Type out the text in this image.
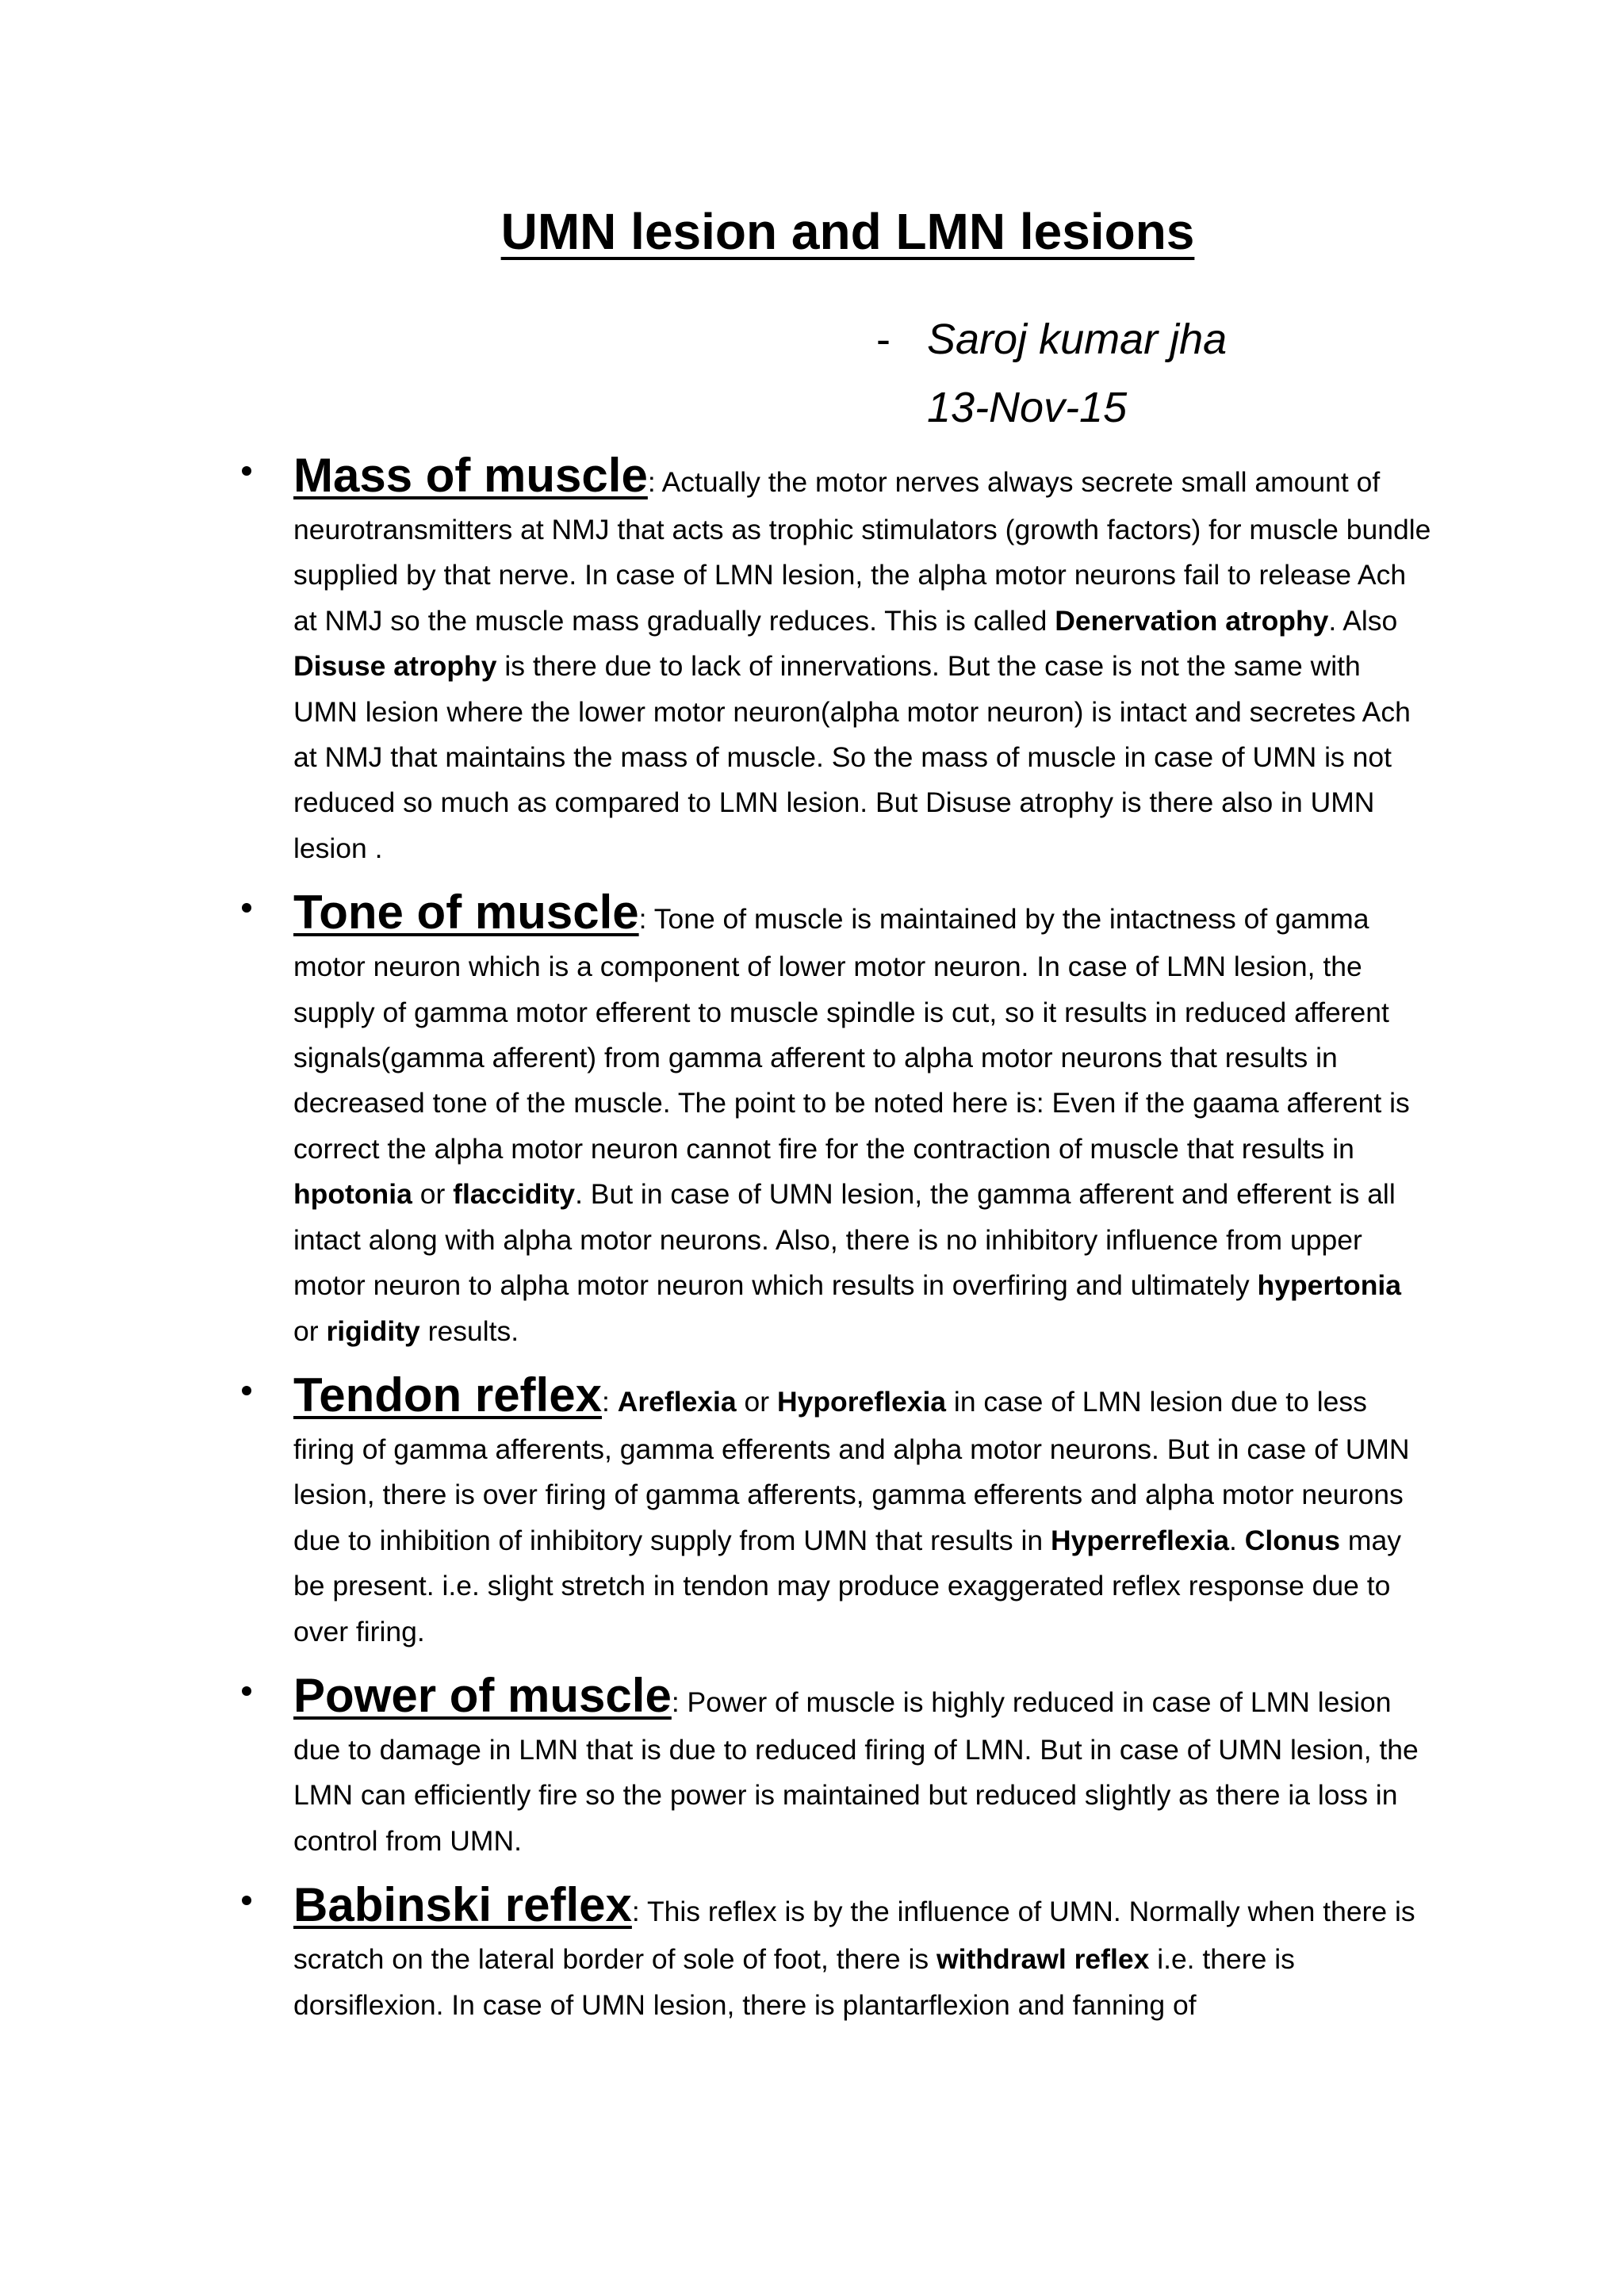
UMN lesion and LMN lesions
- Saroj kumar jha
13-Nov-15
Mass of muscle: Actually the motor nerves always secrete small amount of neurotransmitters at NMJ that acts as trophic stimulators (growth factors) for muscle bundle supplied by that nerve. In case of LMN lesion, the alpha motor neurons fail to release Ach at NMJ so the muscle mass gradually reduces. This is called Denervation atrophy. Also Disuse atrophy is there due to lack of innervations. But the case is not the same with UMN lesion where the lower motor neuron(alpha motor neuron) is intact and secretes Ach at NMJ that maintains the mass of muscle. So the mass of muscle in case of UMN is not reduced so much as compared to LMN lesion. But Disuse atrophy is there also in UMN lesion .
Tone of muscle: Tone of muscle is maintained by the intactness of gamma motor neuron which is a component of lower motor neuron. In case of LMN lesion, the supply of gamma motor efferent to muscle spindle is cut, so it results in reduced afferent signals(gamma afferent) from gamma afferent to alpha motor neurons that results in decreased tone of the muscle. The point to be noted here is: Even if the gaama afferent is correct the alpha motor neuron cannot fire for the contraction of muscle that results in hpotonia or flaccidity. But in case of UMN lesion, the gamma afferent and efferent is all intact along with alpha motor neurons. Also, there is no inhibitory influence from upper motor neuron to alpha motor neuron which results in overfiring and ultimately hypertonia or rigidity results.
Tendon reflex: Areflexia or Hyporeflexia in case of LMN lesion due to less firing of gamma afferents, gamma efferents and alpha motor neurons. But in case of UMN lesion, there is over firing of gamma afferents, gamma efferents and alpha motor neurons due to inhibition of inhibitory supply from UMN that results in Hyperreflexia. Clonus may be present. i.e. slight stretch in tendon may produce exaggerated reflex response due to over firing.
Power of muscle: Power of muscle is highly reduced in case of LMN lesion due to damage in LMN that is due to reduced firing of LMN. But in case of UMN lesion, the LMN can efficiently fire so the power is maintained but reduced slightly as there ia loss in control from UMN.
Babinski reflex: This reflex is by the influence of UMN. Normally when there is scratch on the lateral border of sole of foot, there is withdrawl reflex i.e. there is dorsiflexion. In case of UMN lesion, there is plantarflexion and fanning of
